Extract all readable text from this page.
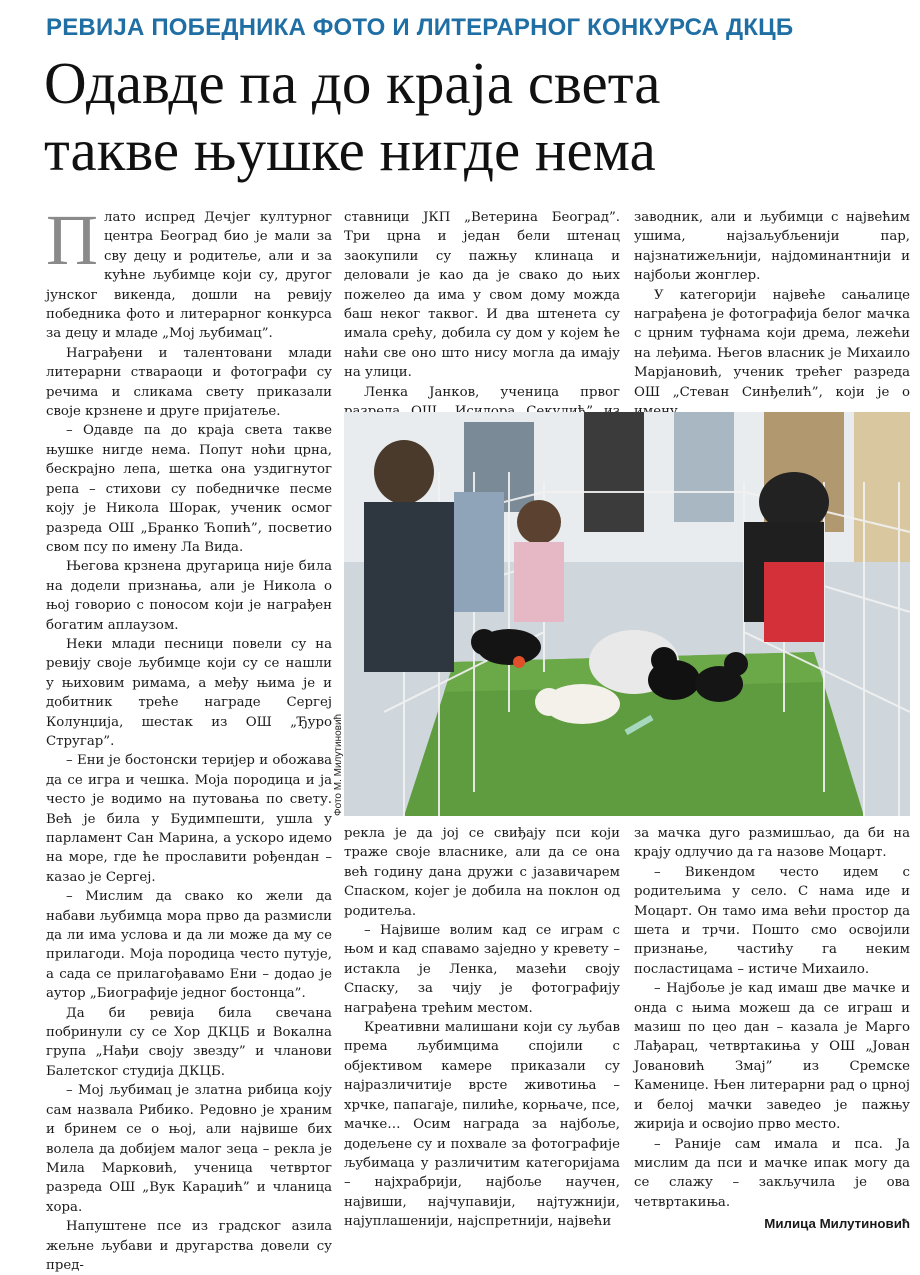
РЕВИЈА ПОБЕДНИКА ФОТО И ЛИТЕРАРНОГ КОНКУРСА ДКЦБ
Одавде па до краја света
такве њушке нигде нема

Плато испред Дечјег културног центра Београд био је мали за сву децу и родитеље, али и за кућне љубимце који су, другог јунског викенда, дошли на ревију победника фото и литерарног конкурса за децу и младе „Мој љубимац”.

Награђени и талентовани млади литерарни ствараоци и фотографи су речима и сликама свету приказали своје крзнене и друге пријатеље.

– Одавде па до краја света такве њушке нигде нема. Попут ноћи црна, бескрајно лепа, шетка она уздигнутог репа – стихови су победничке песме коју је Никола Шорак, ученик осмог разреда ОШ „Бранко Ћопић”, посветио свом псу по имену Ла Вида.

Његова крзнена другарица није била на додели признања, али је Никола о њој говорио с поносом који је награђен богатим аплаузом.

Неки млади песници повели су на ревију своје љубимце који су се нашли у њиховим римама, а међу њима је и добитник треће награде Сергеј Колунџија, шестак из ОШ „Ђуро Стругар”.

– Ени је бостонски теријер и обожава да се игра и чешка. Моја породица и ја често је водимо на путовања по свету. Већ је била у Будимпешти, ушла у парламент Сан Марина, а ускоро идемо на море, где ће прославити рођендан – казао је Сергеј.

– Мислим да свако ко жели да набави љубимца мора прво да размисли да ли има услова и да ли може да му се прилагоди. Моја породица често путује, а сада се прилагођавамо Ени – додао је аутор „Биографије једног бостонца”.

Да би ревија била свечана побринули су се Хор ДКЦБ и Вокална група „Нађи своју звезду” и чланови Балетског студија ДКЦБ.

– Мој љубимац је златна рибица коју сам назвала Рибико. Редовно је храним и бринем се о њој, али највише бих волела да добијем малог зеца – рекла је Мила Марковић, ученица четвртог разреда ОШ „Вук Караџић” и чланица хора.

Напуштене псе из градског азила жељне љубави и другарства довели су пред-

ставници ЈКП „Ветерина Београд”. Три црна и један бели штенац заокупили су пажњу клинаца и деловали је као да је свако до њих пожелео да има у свом дому можда баш неког таквог. И два штенета су имала срећу, добила су дом у којем ће наћи све оно што нису могла да имају на улици.

Ленка Јанков, ученица првог

заводник, али и љубимци с највећим ушима, најзаљубљенији пар, најзнатижељнији, најдоминантнији и најбољи жонглер.

У категорији највеће сањалице награђена је фотографија белог мачка с црним туфнама који дрема, лежећи на леђима. Његов власник је Михаило Марјановић, ученик трећег разреда ОШ „Стеван Синђелић”, који је о

Фото М. Милутиновић

рекла је да јој се свиђају пси који траже своје власнике, али да се она већ годину дана дружи с јазавичарем Спаском, којег је добила на поклон од родитеља.

– Највише волим кад се играм с њом и кад спавамо заједно у кревету – истакла је Ленка, мазећи своју Спаску, за чију је фотографију награђена трећим местом.

Креативни малишани који су љубав према љубимцима спојили с објективом камере приказали су најразличитије врсте животиња – хрчке, папагаје, пилиће, корњаче, псе, мачке… Осим награда за најбоље, додељене су и похвале за фотографије љубимаца у различитим категоријама – најхрабрији, најбоље научен, највиши, најчупавији, најтужнији, најуплашенији, најспретнији, највећи

за мачка дуго размишљао, да би на крају одлучио да га назове Моцарт.

– Викендом често идем с родитељима у село. С нама иде и Моцарт. Он тамо има већи простор да шета и трчи. Пошто смо освојили признање, частићу га неким посластицама – истиче Михаило.

– Најбоље је кад имаш две мачке и онда с њима можеш да се играш и мазиш по цео дан – казала је Марго Лађарац, четвртакиња у ОШ „Јован Јовановић Змај” из Сремске Каменице. Њен литерарни рад о црној и белој мачки заведео је пажњу жирија и освојио прво место.

– Раније сам имала и пса. Ја мислим да пси и мачке ипак могу да се слажу – закључила је ова четвртакиња.

Милица Милутиновић
